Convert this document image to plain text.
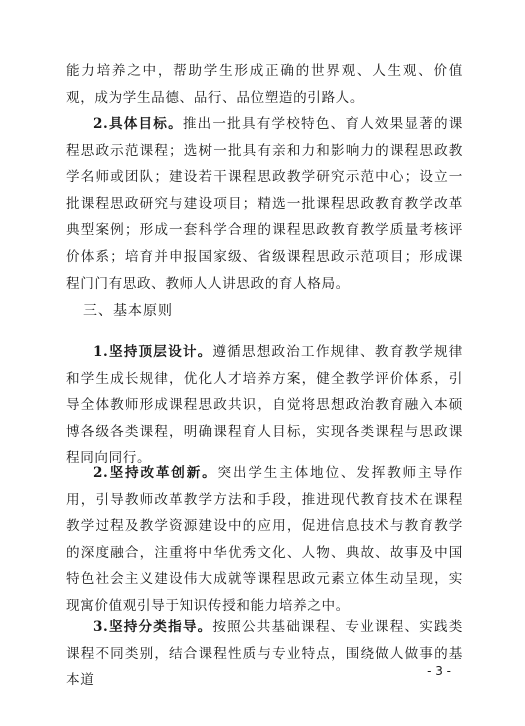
能力培养之中，帮助学生形成正确的世界观、人生观、价值观，成为学生品德、品行、品位塑造的引路人。
2.具体目标。推出一批具有学校特色、育人效果显著的课程思政示范课程；选树一批具有亲和力和影响力的课程思政教学名师或团队；建设若干课程思政教学研究示范中心；设立一批课程思政研究与建设项目；精选一批课程思政教育教学改革典型案例；形成一套科学合理的课程思政教育教学质量考核评价体系；培育并申报国家级、省级课程思政示范项目；形成课程门门有思政、教师人人讲思政的育人格局。
三、基本原则
1.坚持顶层设计。遵循思想政治工作规律、教育教学规律和学生成长规律，优化人才培养方案，健全教学评价体系，引导全体教师形成课程思政共识，自觉将思想政治教育融入本硕博各级各类课程，明确课程育人目标，实现各类课程与思政课程同向同行。
2.坚持改革创新。突出学生主体地位、发挥教师主导作用，引导教师改革教学方法和手段，推进现代教育技术在课程教学过程及教学资源建设中的应用，促进信息技术与教育教学的深度融合，注重将中华优秀文化、人物、典故、故事及中国特色社会主义建设伟大成就等课程思政元素立体生动呈现，实现寓价值观引导于知识传授和能力培养之中。
3.坚持分类指导。按照公共基础课程、专业课程、实践类课程不同类别，结合课程性质与专业特点，围绕做人做事的基本道
- 3 -
